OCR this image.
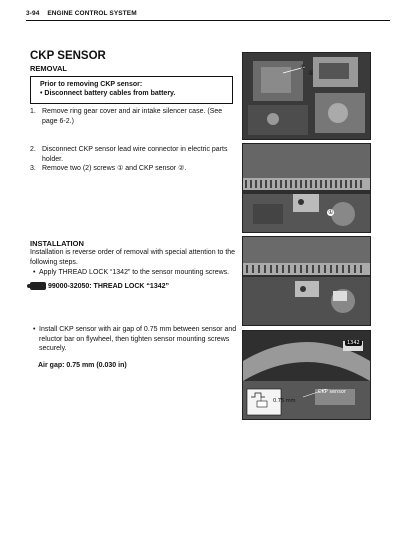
3-94 ENGINE CONTROL SYSTEM
CKP SENSOR
REMOVAL
Prior to removing CKP sensor:
• Disconnect battery cables from battery.
1. Remove ring gear cover and air intake silencer case. (See page 6-2.)
2. Disconnect CKP sensor lead wire connector in electric parts holder.
3. Remove two (2) screws ① and CKP sensor ②.
INSTALLATION
Installation is reverse order of removal with special attention to the following steps.
• Apply THREAD LOCK “1342” to the sensor mounting screws.
99000-32050: THREAD LOCK “1342”
• Install CKP sensor with air gap of 0.75 mm between sensor and reluctor bar on flywheel, then tighten sensor mounting screws securely.
Air gap: 0.75 mm (0.030 in)
①
②
①
0.75 mm
CKP sensor
1342
